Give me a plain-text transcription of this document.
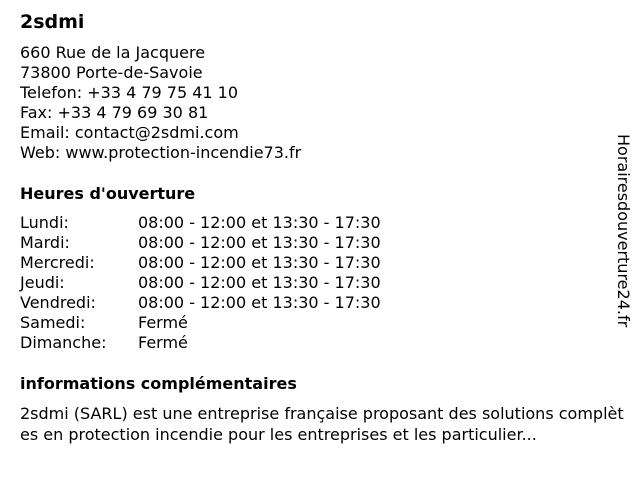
2sdmi
660 Rue de la Jacquere
73800 Porte-de-Savoie
Telefon: +33 4 79 75 41 10
Fax: +33 4 79 69 30 81
Email: contact@2sdmi.com
Web: www.protection-incendie73.fr
Heures d'ouverture
Lundi:	08:00 - 12:00 et 13:30 - 17:30
Mardi:	08:00 - 12:00 et 13:30 - 17:30
Mercredi:	08:00 - 12:00 et 13:30 - 17:30
Jeudi:	08:00 - 12:00 et 13:30 - 17:30
Vendredi:	08:00 - 12:00 et 13:30 - 17:30
Samedi:	Fermé
Dimanche:	Fermé
informations complémentaires

2sdmi (SARL) est une entreprise française proposant des solutions complètes en protection incendie pour les entreprises et les particulier...

Horairesdouverture24.fr
